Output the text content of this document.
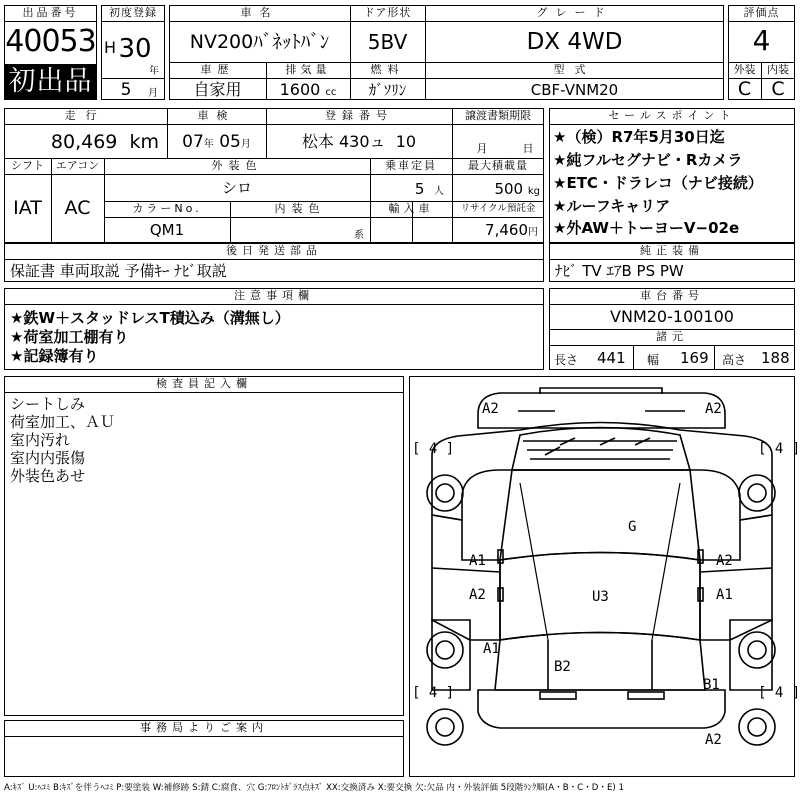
出品番号
40053
初出品
初度登録
H 30
年
5	月
車名
NV200ﾊﾞﾈｯﾄﾊﾞﾝ
ドア形状
5BV
グレード
DX 4WD
車歴
自家用
排気量
1600 cc
燃料
ｶﾞｿﾘﾝ
型式
CBF-VNM20
評価点
4
外装	内装
C	C
走行
80,469 km
車検
07年 05月
登録番号
松本 430ュ  10
譲渡書類期限
月	日
シフト	エアコン
IAT	AC
外装色
シロ
乗車定員
5 人
最大積載量
500 kg
カラーNo.
QM1
内装色
系
輸入車	リサイクル預託金
7,460円
セールスポイント
★（検）R7年5月30日迄
★純フルセグナビ・Rカメラ
★ETC・ドラレコ（ナビ接続）
★ルーフキャリア
★外AW＋トーヨーV−02e
後日発送部品
保証書 車両取説 予備ｷｰ ﾅﾋﾞ取説
純正装備
ﾅﾋﾞ TV ｴｱB PS PW
注意事項欄
★鉄W＋スタッドレスT積込み（溝無し）
★荷室加工棚有り
★記録簿有り
車台番号
VNM20-100100
諸元
長さ 441 幅 169 高さ 188
検査員記入欄
シートしみ
荷室加工、ＡＵ
室内汚れ
室内内張傷
外装色あせ
事務局よりご案内
A2	A2
[ 4 ]	[ 4 ]
G
A1	A2
A2	A1
U3
A1
B2
[ 4 ]	[ 4 ]
B1
A2
A:ｷｽﾞ U:ﾍｺﾐ B:ｷｽﾞを伴うﾍｺﾐ P:要塗装 W:補修跡 S:錆 C:腐食、穴 G:ﾌﾛﾝﾄｶﾞﾗｽ点ｷｽﾞ XX:交換済み X:要交換 欠:欠品 内・外装評価 5段階ﾗﾝｸ順(A・B・C・D・E) 1
